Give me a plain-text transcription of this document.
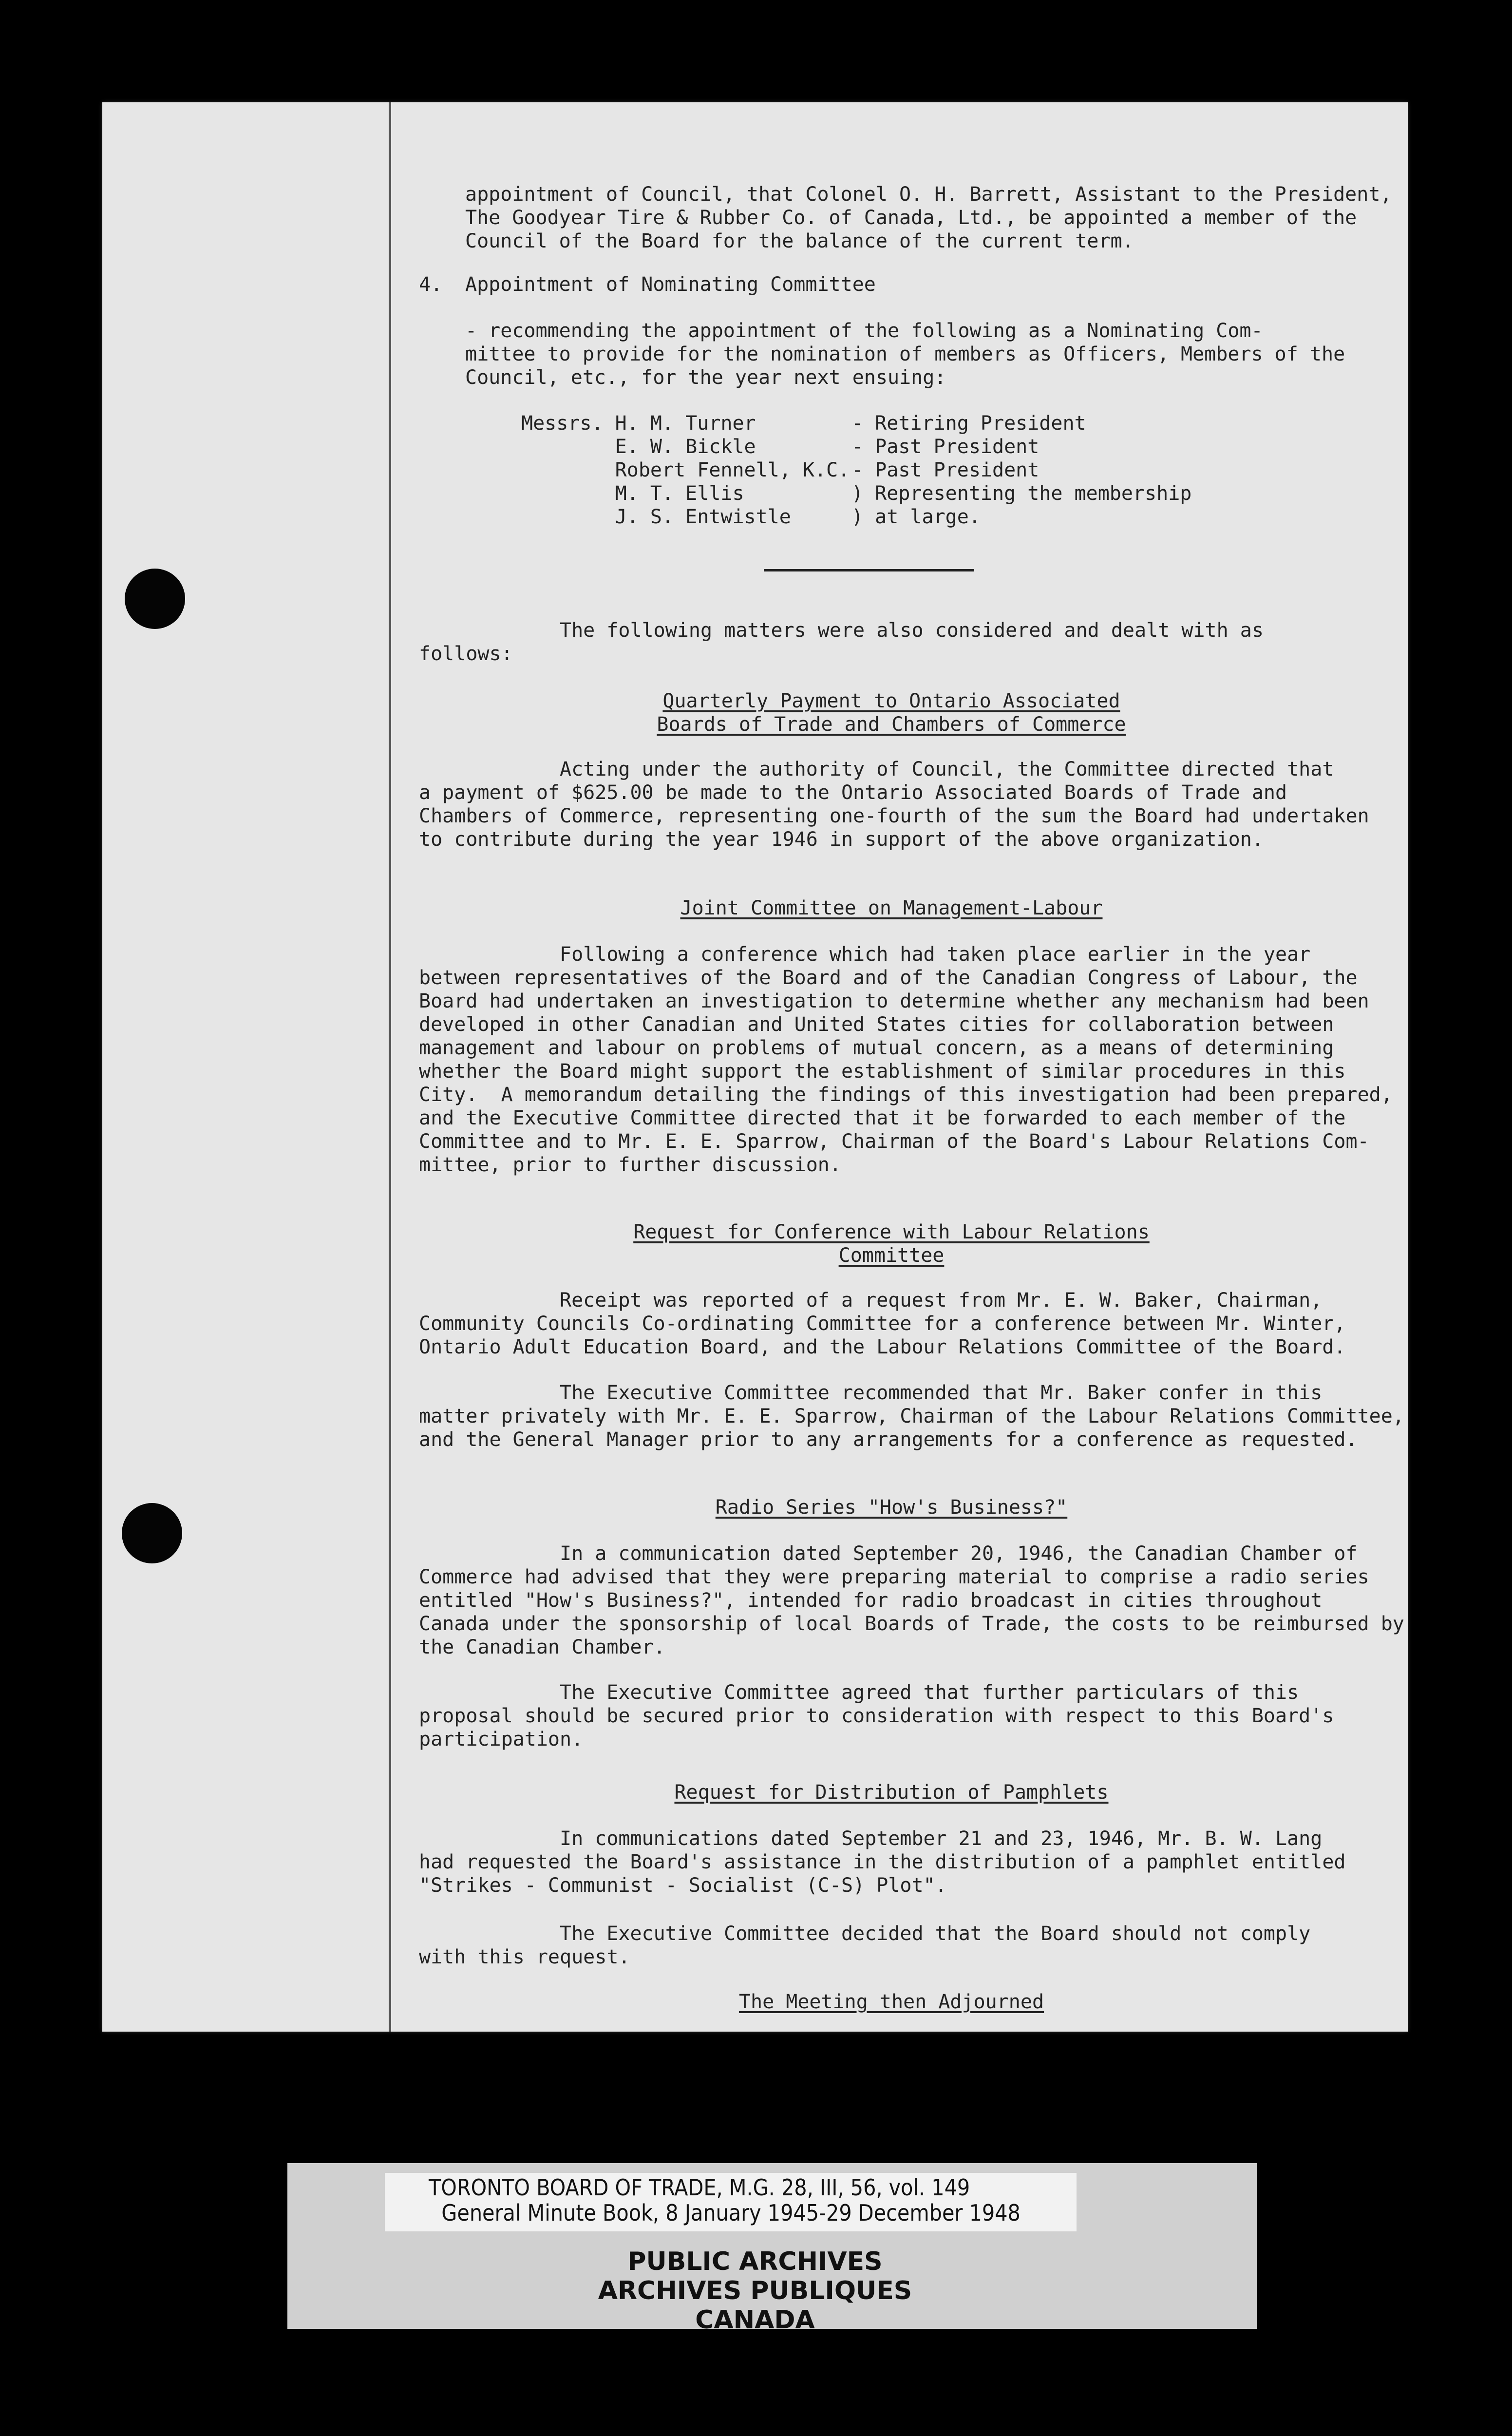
appointment of Council, that Colonel O. H. Barrett, Assistant to the President,
The Goodyear Tire & Rubber Co. of Canada, Ltd., be appointed a member of the
Council of the Board for the balance of the current term.
4. Appointment of Nominating Committee
- recommending the appointment of the following as a Nominating Com-
mittee to provide for the nomination of members as Officers, Members of the
Council, etc., for the year next ensuing:
Messrs. H. M. Turner
E. W. Bickle
Robert Fennell, K.C.
M. T. Ellis
J. S. Entwistle
- Retiring President
- Past President
- Past President
) Representing the membership
) at large.
The following matters were also considered and dealt with as
follows:
Quarterly Payment to Ontario Associated
Boards of Trade and Chambers of Commerce
Acting under the authority of Council, the Committee directed that
a payment of $625.00 be made to the Ontario Associated Boards of Trade and
Chambers of Commerce, representing one-fourth of the sum the Board had undertaken
to contribute during the year 1946 in support of the above organization.
Joint Committee on Management-Labour
Following a conference which had taken place earlier in the year
between representatives of the Board and of the Canadian Congress of Labour, the
Board had undertaken an investigation to determine whether any mechanism had been
developed in other Canadian and United States cities for collaboration between
management and labour on problems of mutual concern, as a means of determining
whether the Board might support the establishment of similar procedures in this
City.  A memorandum detailing the findings of this investigation had been prepared,
and the Executive Committee directed that it be forwarded to each member of the
Committee and to Mr. E. E. Sparrow, Chairman of the Board's Labour Relations Com-
mittee, prior to further discussion.
Request for Conference with Labour Relations
Committee
Receipt was reported of a request from Mr. E. W. Baker, Chairman,
Community Councils Co-ordinating Committee for a conference between Mr. Winter,
Ontario Adult Education Board, and the Labour Relations Committee of the Board.
The Executive Committee recommended that Mr. Baker confer in this
matter privately with Mr. E. E. Sparrow, Chairman of the Labour Relations Committee,
and the General Manager prior to any arrangements for a conference as requested.
Radio Series "How's Business?"
In a communication dated September 20, 1946, the Canadian Chamber of
Commerce had advised that they were preparing material to comprise a radio series
entitled "How's Business?", intended for radio broadcast in cities throughout
Canada under the sponsorship of local Boards of Trade, the costs to be reimbursed by
the Canadian Chamber.
The Executive Committee agreed that further particulars of this
proposal should be secured prior to consideration with respect to this Board's
participation.
Request for Distribution of Pamphlets
In communications dated September 21 and 23, 1946, Mr. B. W. Lang
had requested the Board's assistance in the distribution of a pamphlet entitled
"Strikes - Communist - Socialist (C-S) Plot".
The Executive Committee decided that the Board should not comply
with this request.
The Meeting then Adjourned
TORONTO BOARD OF TRADE, M.G. 28, III, 56, vol. 149
General Minute Book, 8 January 1945-29 December 1948
PUBLIC ARCHIVES
ARCHIVES PUBLIQUES
CANADA
